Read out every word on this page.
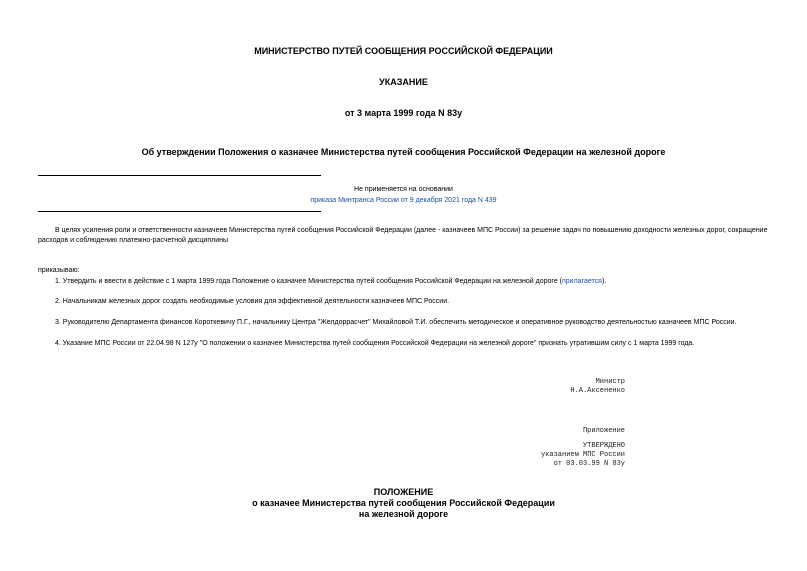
МИНИСТЕРСТВО ПУТЕЙ СООБЩЕНИЯ РОССИЙСКОЙ ФЕДЕРАЦИИ
УКАЗАНИЕ
от 3 марта 1999 года N 83у
Об утверждении Положения о казначее Министерства путей сообщения Российской Федерации на железной дороге
Не применяется на основании
приказа Минтранса России от 9 декабря 2021 года N 439
В целях усиления роли и ответственности казначеев Министерства путей сообщения Российской Федерации (далее - казначеев МПС России) за решение задач по повышению доходности железных дорог, сокращение расходов и соблюдению платежно-расчетной дисциплины
приказываю:
1. Утвердить и ввести в действие с 1 марта 1999 года Положение о казначее Министерства путей сообщения Российской Федерации на железной дороге (прилагается).
2. Начальникам железных дорог создать необходимые условия для эффективной деятельности казначеев МПС России.
3. Руководителю Департамента финансов Короткевичу П.Г., начальнику Центра "Желдоррасчет" Михайловой Т.И. обеспечить методическое и оперативное руководство деятельностью казначеев МПС России.
4. Указание МПС России от 22.04.98 N 127у "О положении о казначее Министерства путей сообщения Российской Федерации на железной дороге" признать утратившим силу с 1 марта 1999 года.
Министр
Н.А.Аксененко
Приложение
УТВЕРЖДЕНО
указанием МПС России
от 03.03.99 N 83у
ПОЛОЖЕНИЕ
о казначее Министерства путей сообщения Российской Федерации
на железной дороге
